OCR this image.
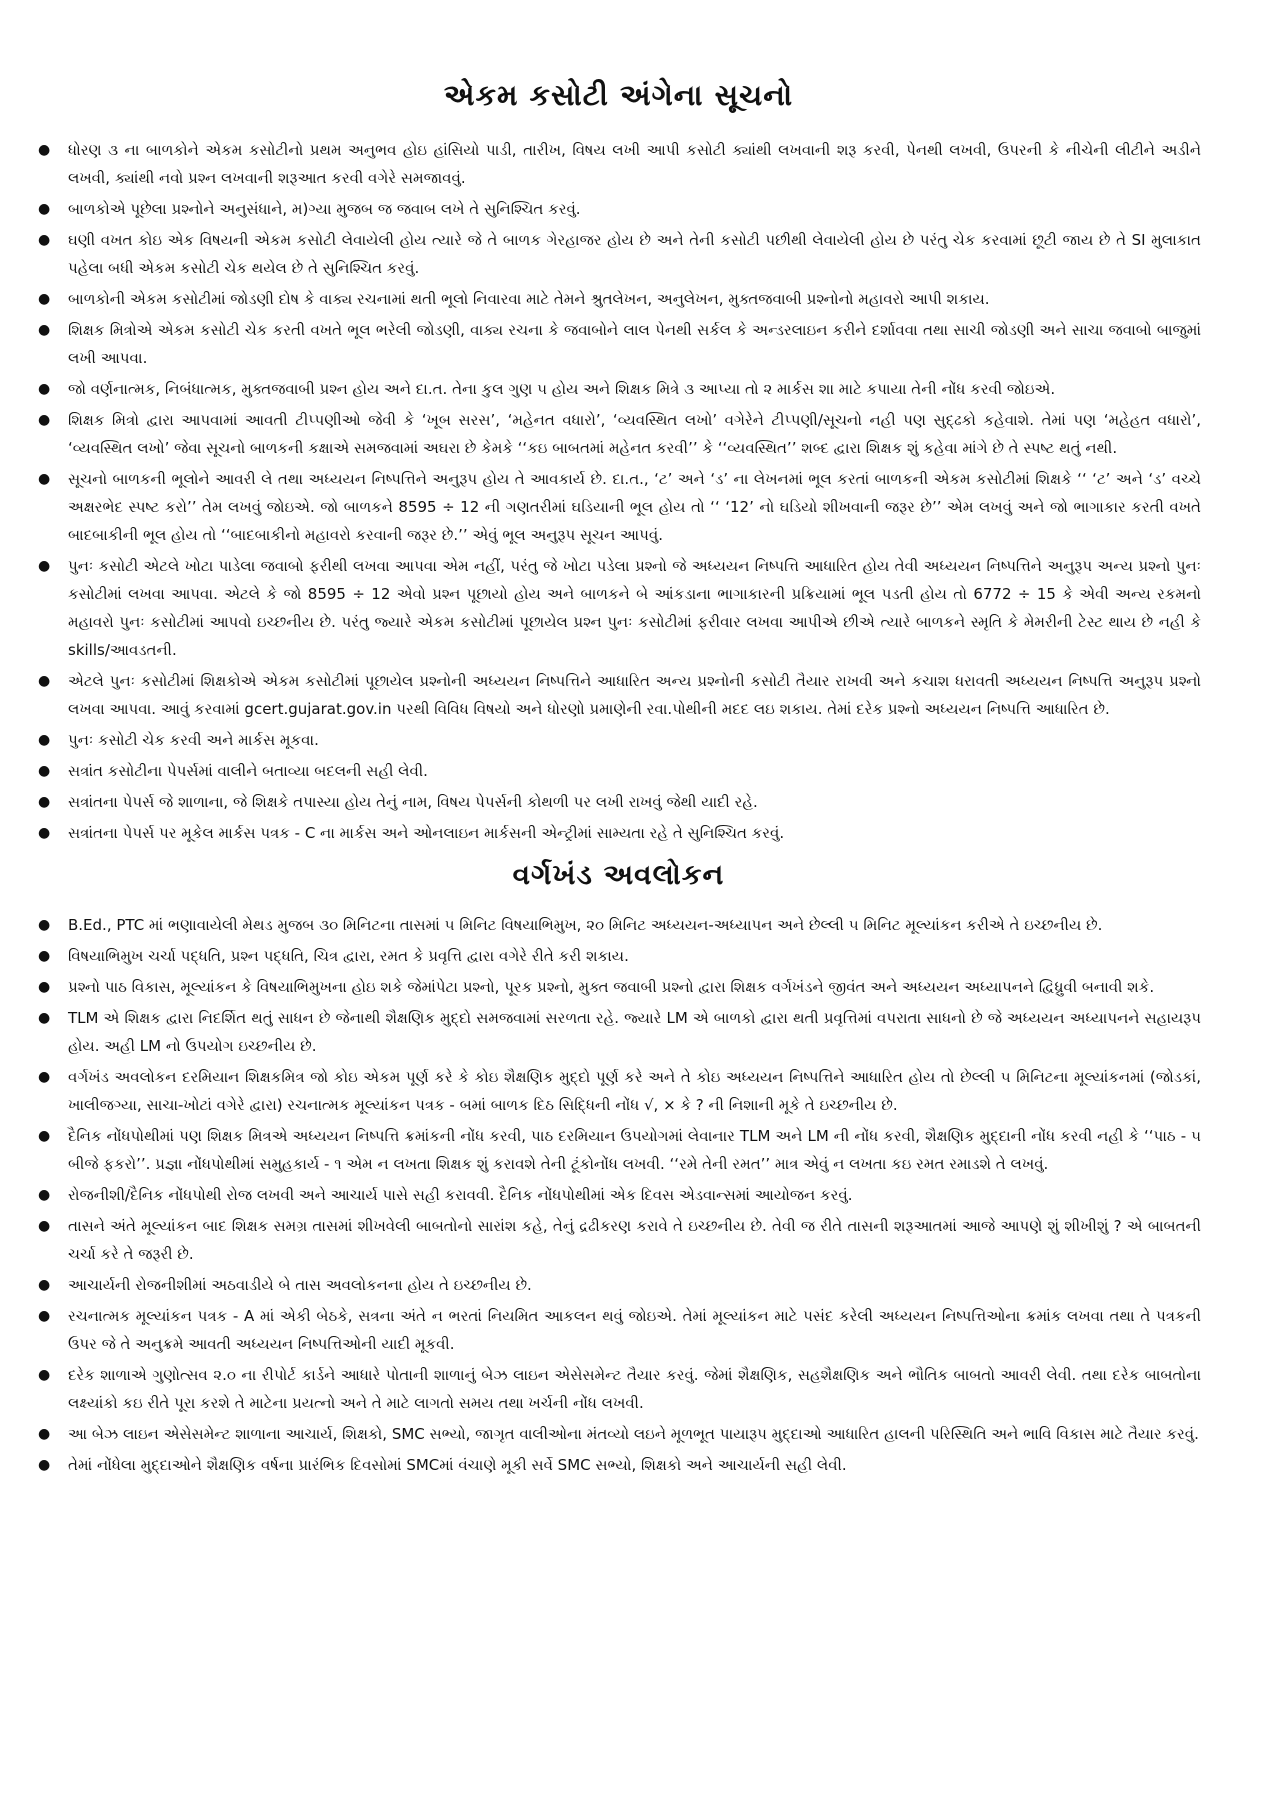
એકમ કસોટી અંગેના સૂચનો
● ધોરણ ૩ ના બાળકોને એકમ કસોટીનો પ્રથમ અનુભવ હોઇ હાંસિયો પાડી, તારીખ, વિષય લખી આપી કસોટી ક્યાંથી લખવાની શરૂ કરવી, પેનથી લખવી, ઉપરની કે નીચેની લીટીને અડીને લખવી, ક્યાંથી નવો પ્રશ્ન લખવાની શરૂઆત કરવી વગેરે સમજાવવું.
● બાળકોએ પૂછેલા પ્રશ્નોને અનુસંધાને, મ)ગ્યા મુજબ જ જવાબ લખે તે સુનિશ્ચિત કરવું.
● ઘણી વખત કોઇ એક વિષયની એકમ કસોટી લેવાયેલી હોય ત્યારે જે તે બાળક ગેરહાજર હોય છે અને તેની કસોટી પછીથી લેવાયેલી હોય છે પરંતુ ચેક કરવામાં છૂટી જાય છે તે SI મુલાકાત પહેલા બધી એકમ કસોટી ચેક થયેલ છે તે સુનિશ્ચિત કરવું.
● બાળકોની એકમ કસોટીમાં જોડણી દોષ કે વાક્ય રચનામાં થતી ભૂલો નિવારવા માટે તેમને શ્રુતલેખન, અનુલેખન, મુક્તજવાબી પ્રશ્નોનો મહાવરો આપી શકાય.
● શિક્ષક મિત્રોએ એકમ કસોટી ચેક કરતી વખતે ભૂલ ભરેલી જોડણી, વાક્ય રચના કે જવાબોને લાલ પેનથી સર્કલ કે અન્ડરલાઇન કરીને દર્શાવવા તથા સાચી જોડણી અને સાચા જવાબો બાજુમાં લખી આપવા.
● જો વર્ણનાત્મક, નિબંધાત્મક, મુક્તજવાબી પ્રશ્ન હોય અને દા.ત. તેના કુલ ગુણ ૫ હોય અને શિક્ષક મિત્રે ૩ આપ્યા તો ૨ માર્કસ શા માટે કપાયા તેની નોંધ કરવી જોઇએ.
● શિક્ષક મિત્રો દ્વારા આપવામાં આવતી ટીપ્પણીઓ જેવી કે ‘ખૂબ સરસ’, ‘મહેનત વધારો’, ‘વ્યવસ્થિત લખો’ વગેરેને ટીપ્પણી/સૂચનો નહી પણ સુદ્ઢકો કહેવાશે. તેમાં પણ ‘મહેહત વધારો’, ‘વ્યવસ્થિત લખો’ જેવા સૂચનો બાળકની કક્ષાએ સમજવામાં અઘરા છે કેમકે ‘‘કઇ બાબતમાં મહેનત કરવી’’ કે ‘‘વ્યવસ્થિત’’ શબ્દ દ્વારા શિક્ષક શું કહેવા માંગે છે તે સ્પષ્ટ થતું નથી.
● સૂચનો બાળકની ભૂલોને આવરી લે તથા અધ્યયન નિષ્પત્તિને અનુરૂપ હોય તે આવકાર્ય છે. દા.ત., ‘ટ’ અને ‘ડ’ ના લેખનમાં ભૂલ કરતાં બાળકની એકમ કસોટીમાં શિક્ષકે ‘‘ ‘ટ’ અને ‘ડ’ વચ્ચે અક્ષરભેદ સ્પષ્ટ કરો’’ તેમ લખવું જોઇએ. જો બાળકને 8595 ÷ 12 ની ગણતરીમાં ઘડિયાની ભૂલ હોય તો ‘‘ ‘12’ નો ઘડિયો શીખવાની જરૂર છે’’ એમ લખવું અને જો ભાગાકાર કરતી વખતે બાદબાકીની ભૂલ હોય તો ‘‘બાદબાકીનો મહાવરો કરવાની જરૂર છે.’’ એવું ભૂલ અનુરૂપ સૂચન આપવું.
● પુનઃ કસોટી એટલે ખોટા પાડેલા જવાબો ફરીથી લખવા આપવા એમ નહીં, પરંતુ જે ખોટા પડેલા પ્રશ્નો જે અધ્યયન નિષ્પત્તિ આધારિત હોય તેવી અધ્યયન નિષ્પત્તિને અનુરૂપ અન્ય પ્રશ્નો પુનઃ કસોટીમાં લખવા આપવા. એટલે કે જો 8595 ÷ 12 એવો પ્રશ્ન પૂછાયો હોય અને બાળકને બે આંકડાના ભાગાકારની પ્રક્રિયામાં ભૂલ પડતી હોય તો 6772 ÷ 15 કે એવી અન્ય રકમનો મહાવરો પુનઃ કસોટીમાં આપવો ઇચ્છનીય છે. પરંતુ જ્યારે એકમ કસોટીમાં પૂછાયેલ પ્રશ્ન પુનઃ કસોટીમાં ફરીવાર લખવા આપીએ છીએ ત્યારે બાળકને સ્મૃતિ કે મેમરીની ટેસ્ટ થાય છે નહી કે skills/આવડતની.
● એટલે પુનઃ કસોટીમાં શિક્ષકોએ એકમ કસોટીમાં પૂછાયેલ પ્રશ્નોની અધ્યયન નિષ્પત્તિને આધારિત અન્ય પ્રશ્નોની કસોટી તૈયાર રાખવી અને કચાશ ધરાવતી અધ્યયન નિષ્પત્તિ અનુરૂપ પ્રશ્નો લખવા આપવા. આવું કરવામાં gcert.gujarat.gov.in પરથી વિવિધ વિષયો અને ધોરણો પ્રમાણેની રવા.પોથીની મદદ લઇ શકાય. તેમાં દરેક પ્રશ્નો અધ્યયન નિષ્પત્તિ આધારિત છે.
● પુનઃ કસોટી ચેક કરવી અને માર્કસ મૂકવા.
● સત્રાંત કસોટીના પેપર્સમાં વાલીને બતાવ્યા બદલની સહી લેવી.
● સત્રાંતના પેપર્સ જે શાળાના, જે શિક્ષકે તપાસ્યા હોય તેનું નામ, વિષય પેપર્સની કોથળી પર લખી રાખવું જેથી યાદી રહે.
● સત્રાંતના પેપર્સ પર મૂકેલ માર્કસ પત્રક - C ના માર્કસ અને ઓનલાઇન માર્કસની એન્ટ્રીમાં સામ્યતા રહે તે સુનિશ્ચિત કરવું.
વર્ગખંડ અવલોકન
● B.Ed., PTC માં ભણાવાયેલી મેથડ મુજબ ૩૦ મિનિટના તાસમાં ૫ મિનિટ વિષયાભિમુખ, ૨૦ મિનિટ અધ્યયન-અધ્યાપન અને છેલ્લી ૫ મિનિટ મૂલ્યાંકન કરીએ તે ઇચ્છનીય છે.
● વિષયાભિમુખ ચર્ચા પદ્ધતિ, પ્રશ્ન પદ્ધતિ, ચિત્ર દ્વારા, રમત કે પ્રવૃત્તિ દ્વારા વગેરે રીતે કરી શકાય.
● પ્રશ્નો પાઠ વિકાસ, મૂલ્યાંકન કે વિષયાભિમુખના હોઇ શકે જેમાંપેટા પ્રશ્નો, પૂરક પ્રશ્નો, મુક્ત જવાબી પ્રશ્નો દ્વારા શિક્ષક વર્ગખંડને જીવંત અને અધ્યયન અધ્યાપનને દ્વિધ્રુવી બનાવી શકે.
● TLM એ શિક્ષક દ્વારા નિદર્શિત થતું સાધન છે જેનાથી શૈક્ષણિક મુદ્દો સમજવામાં સરળતા રહે. જ્યારે LM એ બાળકો દ્વારા થતી પ્રવૃત્તિમાં વપરાતા સાધનો છે જે અધ્યયન અધ્યાપનને સહાયરૂપ હોય. અહી LM નો ઉપયોગ ઇચ્છનીય છે.
● વર્ગખંડ અવલોકન દરમિયાન શિક્ષકમિત્ર જો કોઇ એકમ પૂર્ણ કરે કે કોઇ શૈક્ષણિક મુદ્દો પૂર્ણ કરે અને તે કોઇ અધ્યયન નિષ્પત્તિને આધારિત હોય તો છેલ્લી ૫ મિનિટના મૂલ્યાંકનમાં (જોડકાં, ખાલીજગ્યા, સાચા-ખોટાં વગેરે દ્વારા) રચનાત્મક મૂલ્યાંકન પત્રક - બમાં બાળક દિઠ સિદ્ધિની નોંધ √, × કે ? ની નિશાની મૂકે તે ઇચ્છનીય છે.
● દૈનિક નોંધપોથીમાં પણ શિક્ષક મિત્રએ અધ્યયન નિષ્પત્તિ ક્રમાંકની નોંધ કરવી, પાઠ દરમિયાન ઉપયોગમાં લેવાનાર TLM અને LM ની નોંધ કરવી, શૈક્ષણિક મુદ્દાની નોંધ કરવી નહી કે ‘‘પાઠ - ૫ બીજે ફકરો’’. પ્રજ્ઞા નોંધપોથીમાં સમુહકાર્ય - ૧ એમ ન લખતા શિક્ષક શું કરાવશે તેની ટૂંકોનોંધ લખવી. ‘‘રમે તેની રમત’’ માત્ર એવું ન લખતા કઇ રમત રમાડશે તે લખવું.
● રોજનીશી/દૈનિક નોંધપોથી રોજ લખવી અને આચાર્ય પાસે સહી કરાવવી. દૈનિક નોંધપોથીમાં એક દિવસ એડવાન્સમાં આયોજન કરવું.
● તાસને અંતે મૂલ્યાંકન બાદ શિક્ષક સમગ્ર તાસમાં શીખવેલી બાબતોનો સારાંશ કહે, તેનું દ્રઢીકરણ કરાવે તે ઇચ્છનીય છે. તેવી જ રીતે તાસની શરૂઆતમાં આજે આપણે શું શીખીશું ? એ બાબતની ચર્ચા કરે તે જરૂરી છે.
● આચાર્યની રોજનીશીમાં અઠવાડીયે બે તાસ અવલોકનના હોય તે ઇચ્છનીય છે.
● રચનાત્મક મૂલ્યાંકન પત્રક - A માં એકી બેઠકે, સત્રના અંતે ન ભરતાં નિયમિત આકલન થવું જોઇએ. તેમાં મૂલ્યાંકન માટે પસંદ કરેલી અધ્યયન નિષ્પત્તિઓના ક્રમાંક લખવા તથા તે પત્રકની ઉપર જે તે અનુક્રમે આવતી અધ્યયન નિષ્પત્તિઓની યાદી મૂકવી.
● દરેક શાળાએ ગુણોત્સવ ૨.૦ ના રીપોર્ટ કાર્ડને આધારે પોતાની શાળાનું બેઝ લાઇન એસેસમેન્ટ તૈયાર કરવું. જેમાં શૈક્ષણિક, સહશૈક્ષણિક અને ભૌતિક બાબતો આવરી લેવી. તથા દરેક બાબતોના લક્ષ્યાંકો કઇ રીતે પૂરા કરશે તે માટેના પ્રયત્નો અને તે માટે લાગતો સમય તથા ખર્ચની નોંધ લખવી.
● આ બેઝ લાઇન એસેસમેન્ટ શાળાના આચાર્ય, શિક્ષકો, SMC સભ્યો, જાગૃત વાલીઓના મંતવ્યો લઇને મૂળભૂત પાયારૂપ મુદ્દાઓ આધારિત હાલની પરિસ્થિતિ અને ભાવિ વિકાસ માટે તૈયાર કરવું.
● તેમાં નોંધેલા મુદ્દાઓને શૈક્ષણિક વર્ષના પ્રારંભિક દિવસોમાં SMCમાં વંચાણે મૂકી સર્વે SMC સભ્યો, શિક્ષકો અને આચાર્યની સહી લેવી.
